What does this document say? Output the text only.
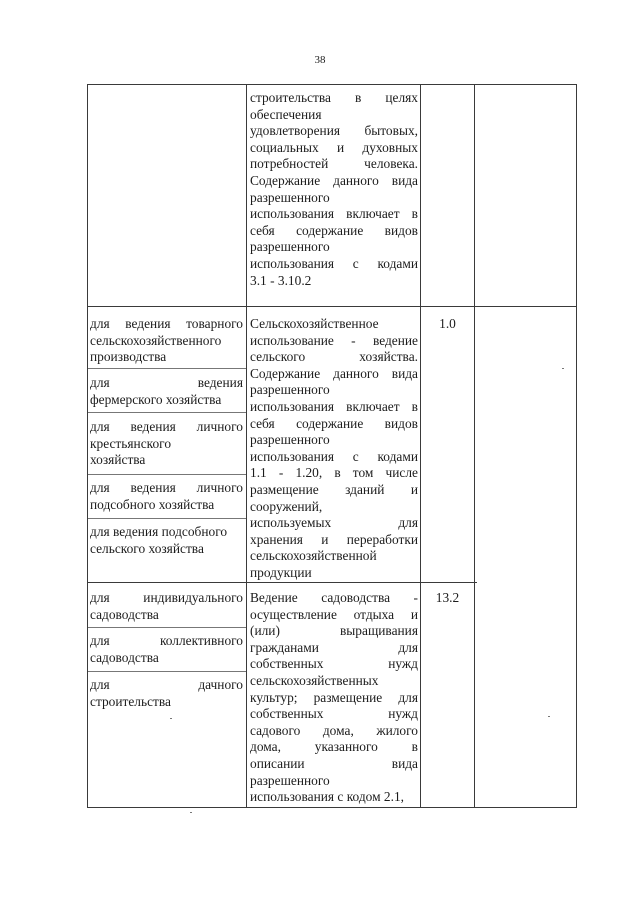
38
строительства в целях
обеспечения
удовлетворения бытовых,
социальных и духовных
потребностей человека.
Содержание данного вида
разрешенного
использования включает в
себя содержание видов
разрешенного
использования с кодами
3.1 - 3.10.2
для ведения товарного
сельскохозяйственного
производства
для ведения
фермерского хозяйства
для ведения личного
крестьянского
хозяйства
для ведения личного
подсобного хозяйства
для ведения подсобного
сельского хозяйства
Сельскохозяйственное
использование - ведение
сельского хозяйства.
Содержание данного вида
разрешенного
использования включает в
себя содержание видов
разрешенного
использования с кодами
1.1 - 1.20, в том числе
размещение зданий и
сооружений,
используемых для
хранения и переработки
сельскохозяйственной
продукции
1.0
для индивидуального
садоводства
для коллективного
садоводства
для дачного
строительства
Ведение садоводства -
осуществление отдыха и
(или) выращивания
гражданами для
собственных нужд
сельскохозяйственных
культур; размещение для
собственных нужд
садового дома, жилого
дома, указанного в
описании вида
разрешенного
использования с кодом 2.1,
13.2
